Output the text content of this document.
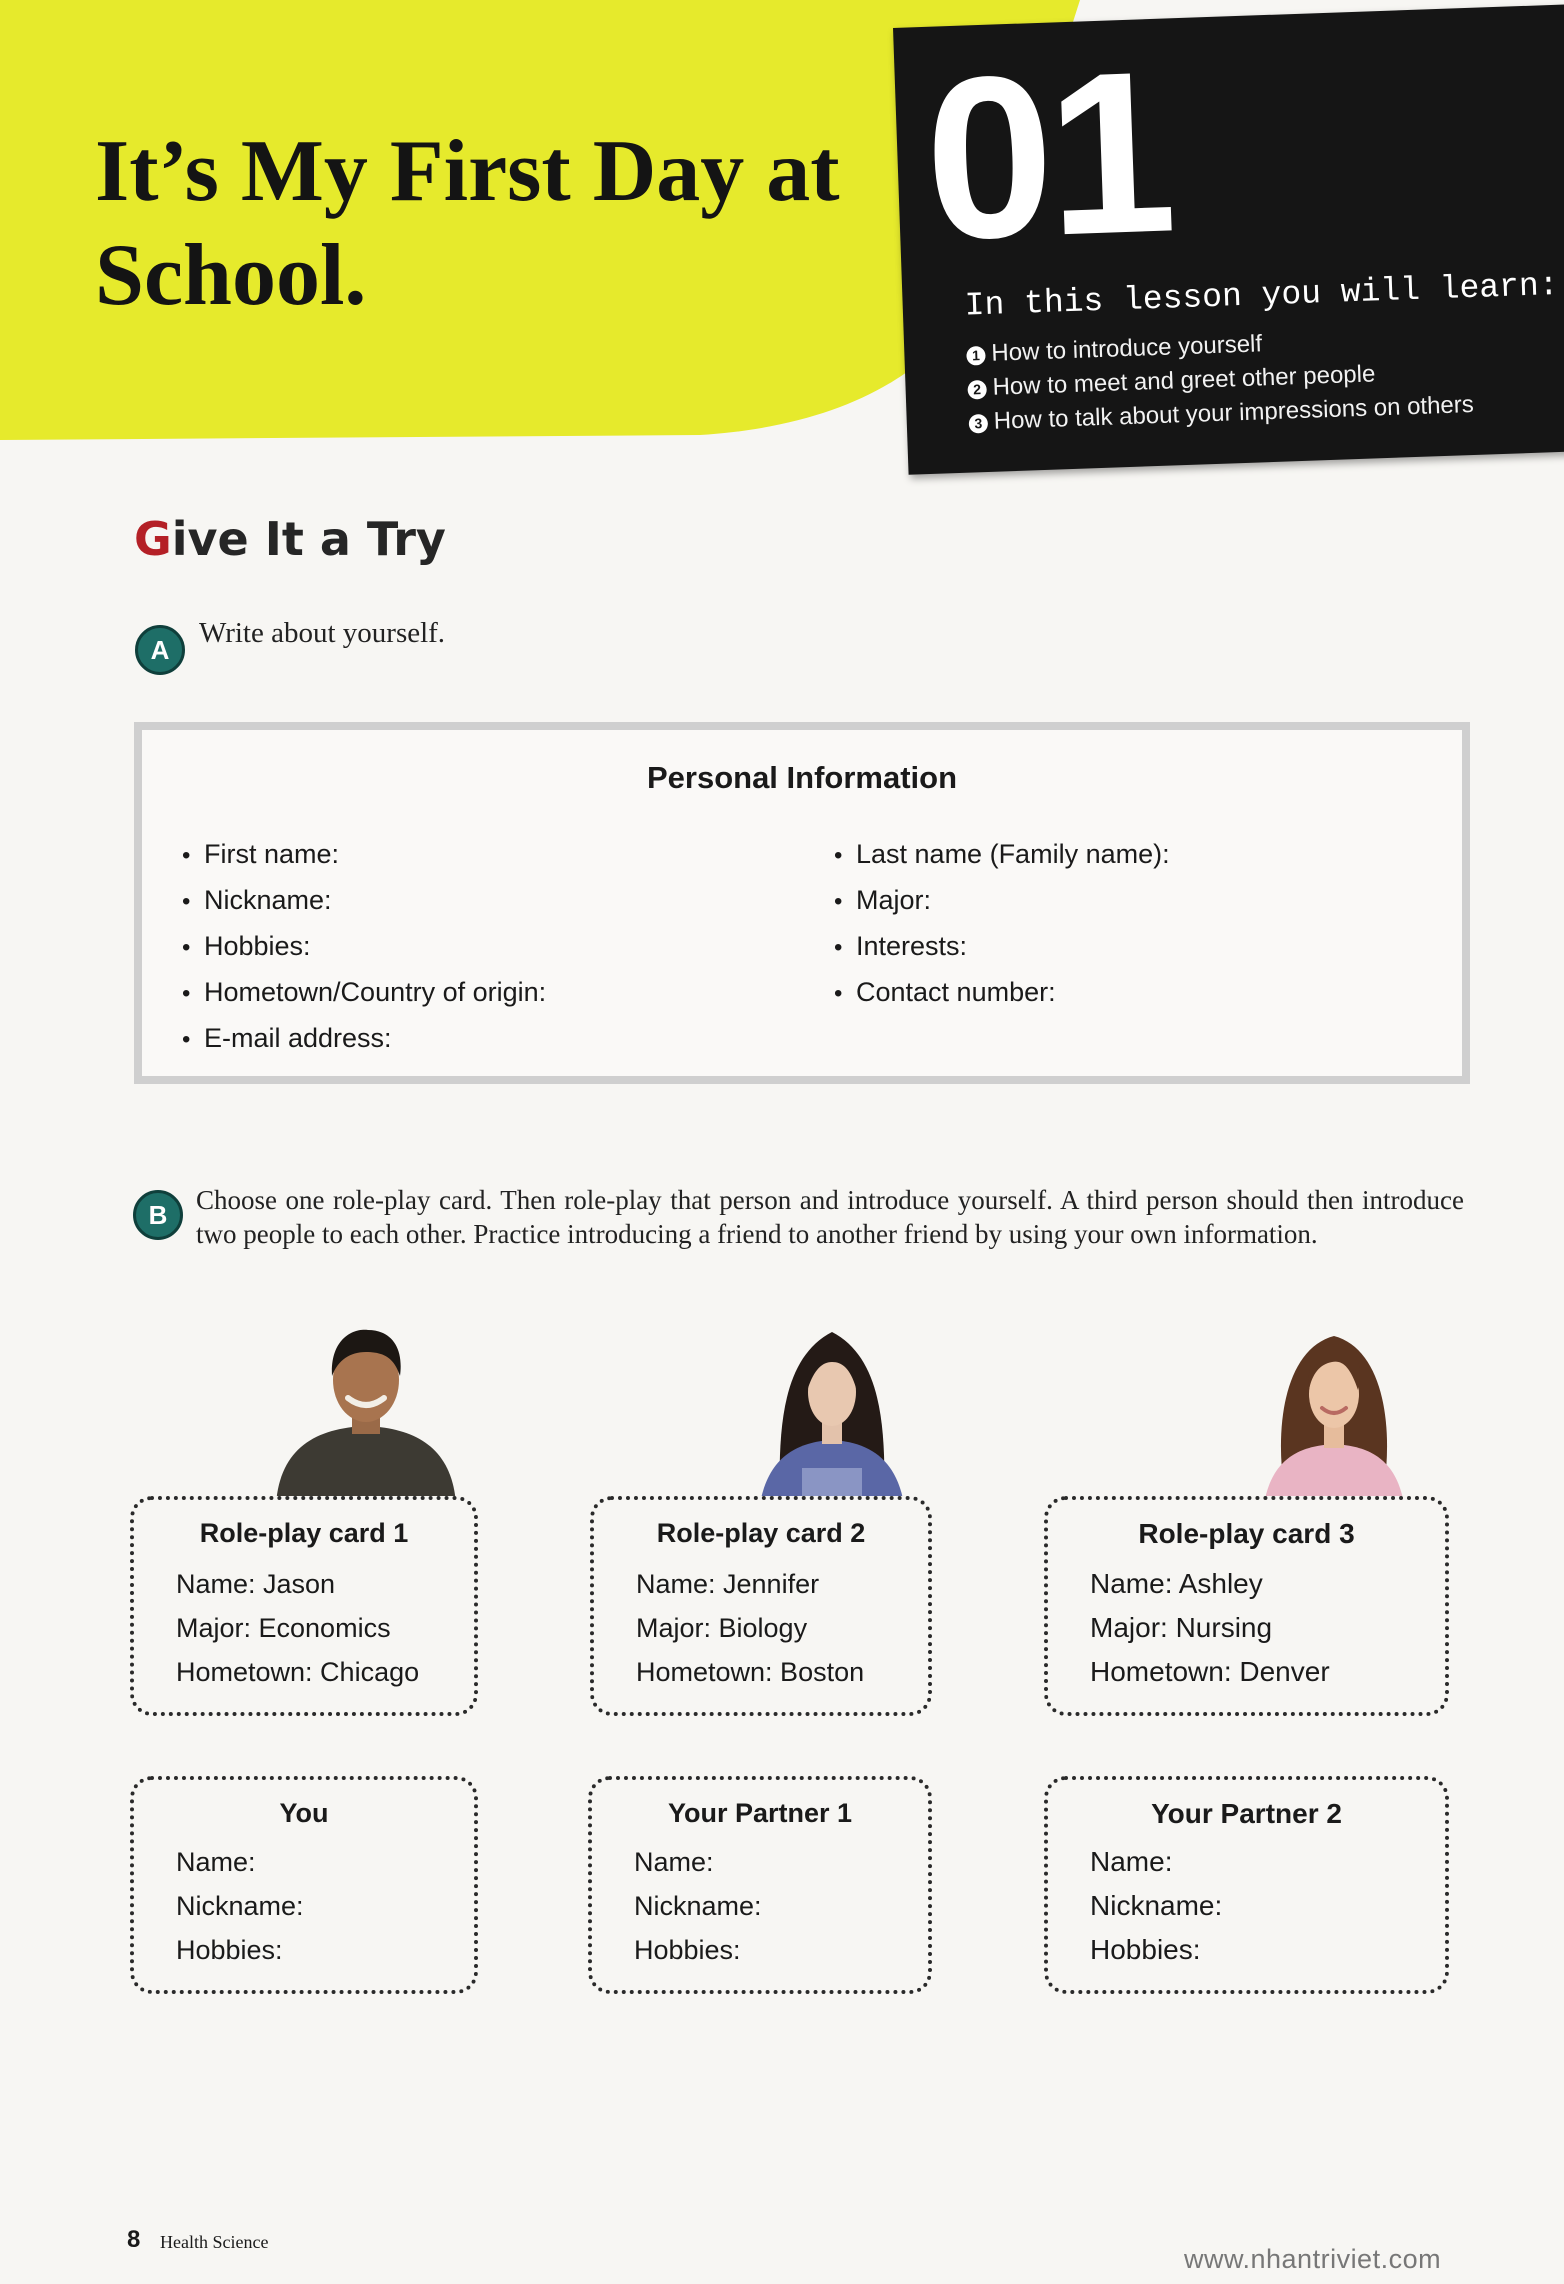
It’s My First Day at
School.	01
In this lesson you will learn:
1 How to introduce yourself
2 How to meet and greet other people
3 How to talk about your impressions on others
Give It a Try
A
Write about yourself.
Personal Information
• First name:
• Nickname:
• Hobbies:
• Hometown/Country of origin:
• E-mail address:
• Last name (Family name):
• Major:
• Interests:
• Contact number:
B	Choose one role-play card. Then role-play that person and introduce yourself. A third person should then introduce two people to each other. Practice introducing a friend to another friend by using your own information.
Role-play card 1
Name: Jason
Major: Economics
Hometown: Chicago
Role-play card 2
Name: Jennifer
Major: Biology
Hometown: Boston
Role-play card 3
Name: Ashley
Major: Nursing
Hometown: Denver
You
Name:
Nickname:
Hobbies:
Your Partner 1
Name:
Nickname:
Hobbies:
Your Partner 2
Name:
Nickname:
Hobbies:
8 Health Science
www.nhantriviet.com
